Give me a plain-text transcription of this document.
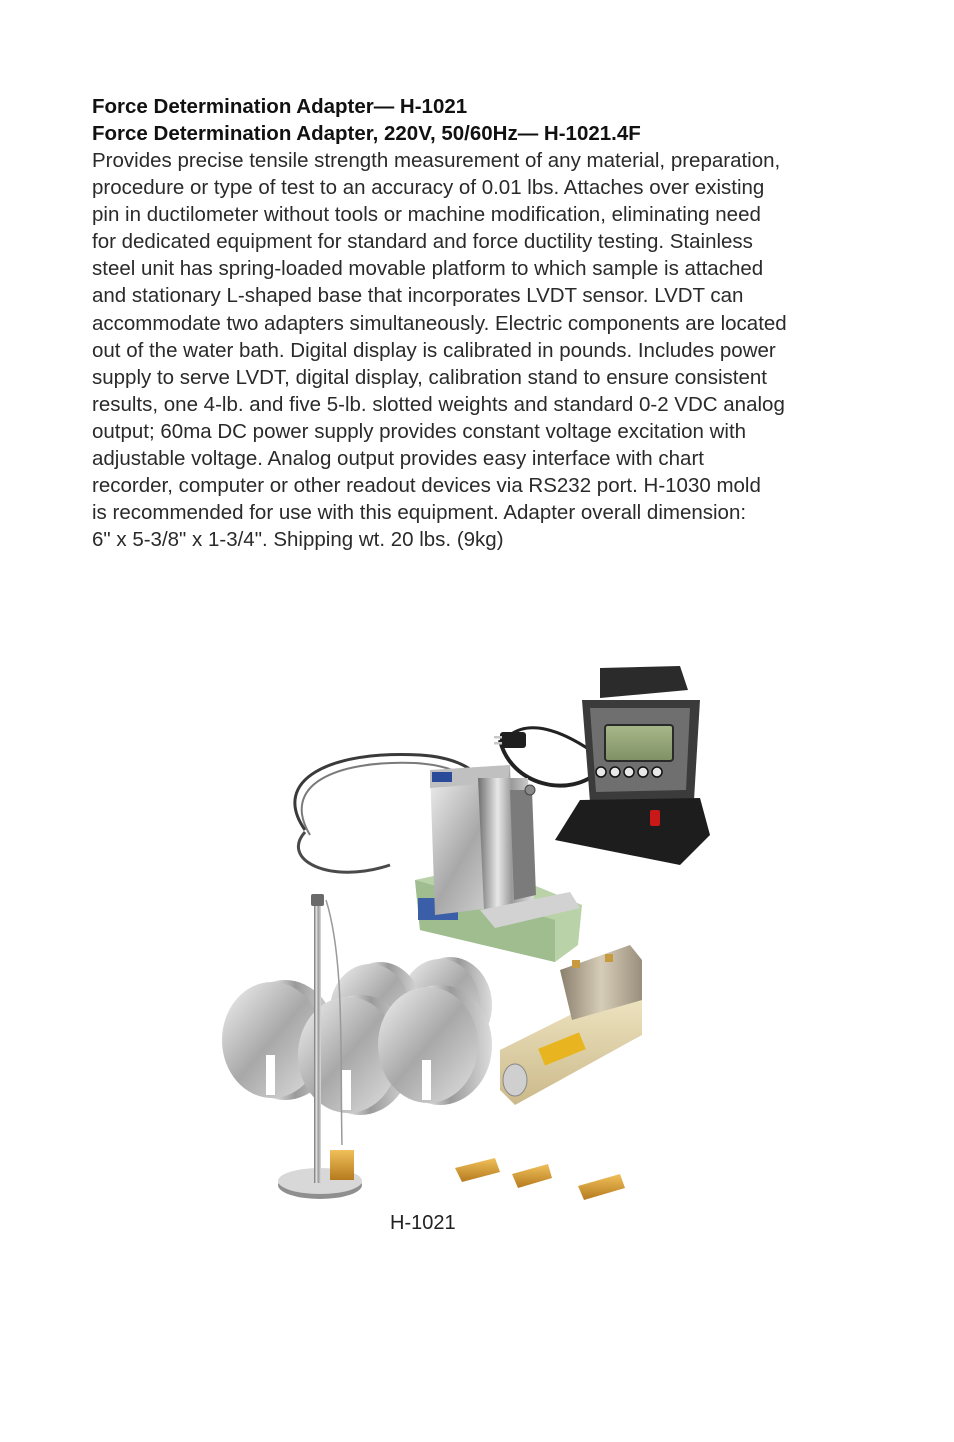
Force Determination Adapter— H-1021

Force Determination Adapter, 220V, 50/60Hz— H-1021.4F

Provides precise tensile strength measurement of any material, preparation,
procedure or type of test to an accuracy of 0.01 lbs. Attaches over existing
pin in ductilometer without tools or machine modification, eliminating need
for dedicated equipment for standard and force ductility testing. Stainless
steel unit has spring-loaded movable platform to which sample is attached
and stationary L-shaped base that incorporates LVDT sensor. LVDT can
accommodate two adapters simultaneously. Electric components are located
out of the water bath. Digital display is calibrated in pounds. Includes power
supply to serve LVDT, digital display, calibration stand to ensure consistent
results, one 4-lb. and five 5-lb. slotted weights and standard 0-2 VDC analog
output; 60ma DC power supply provides constant voltage excitation with
adjustable voltage. Analog output provides easy interface with chart
recorder, computer or other readout devices via RS232 port. H-1030 mold
is recommended for use with this equipment. Adapter overall dimension:
6" x 5-3/8" x 1-3/4". Shipping wt. 20 lbs. (9kg)

H-1021
